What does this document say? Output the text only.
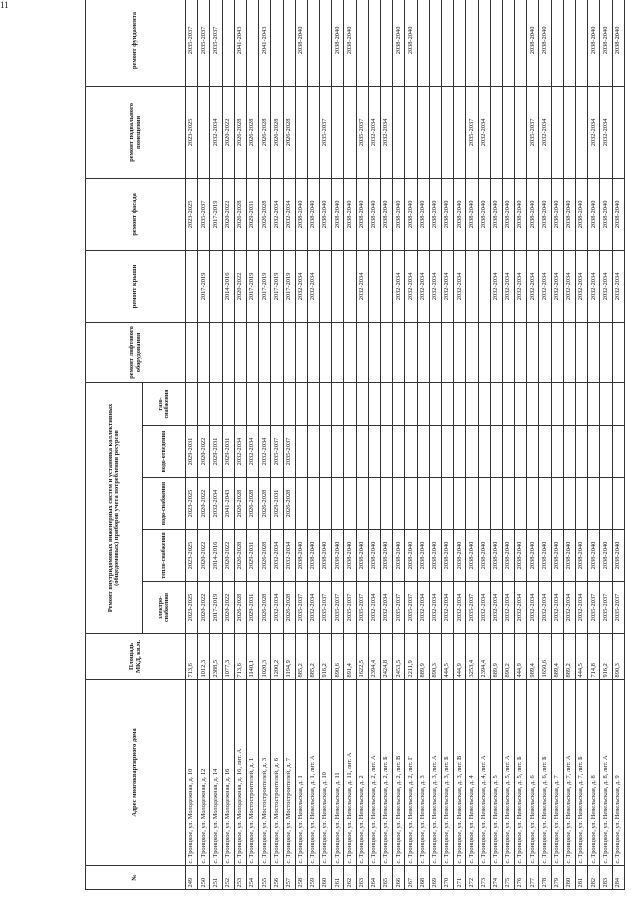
11
№	Адрес многоквартирного дома	Площадь МКД, кв.м.	Ремонт внутридомовых инженерных систем и установка коллективных (общедомовых) приборов учета потребления ресурсов					ремонт лифтового оборудования	ремонт крыши	ремонт фасада	ремонт подвального помещения	ремонт фундамента
			электро-снабжения	тепло-снабжения	водо-снабжения	водо-отведения	газо-снабжения					
249	с. Троицкое, ул. Молодежная, д. 10	713,6	2023-2025	2023-2025	2023-2025	2029-2031				2023-2025	2023-2025	2035-2037
250	с. Троицкое, ул. Молодежная, д. 12	1012,3	2020-2022	2020-2022	2020-2022	2020-2022			2017-2019	2035-2037		2035-2037
251	с. Троицкое, ул. Молодежная, д. 14	2388,5	2017-2019	2014-2016	2032-2034	2029-2031				2017-2019	2032-2034	2035-2037
252	с. Троицкое, ул. Молодежная, д. 16	1077,3	2020-2022	2020-2022	2041-2043	2029-2031			2014-2016	2020-2022	2020-2022	
253	с. Троицкое, ул. Молодежная, д. 16, лит. А	713,6	2026-2028	2026-2028	2026-2028	2032-2034			2020-2022	2026-2028	2026-2028	2041-2043
254	с. Троицкое, ул. Мостостроителей, д. 1	1140,1	2029-2031	2029-2031	2026-2028	2032-2034			2017-2019	2029-2031	2026-2028	
255	с. Троицкое, ул. Мостостроителей, д. 3	1020,3	2026-2028	2026-2028	2026-2028	2032-2034			2017-2019	2026-2028	2026-2028	2041-2043
256	с. Троицкое, ул. Мостостроителей, д. 6	1200,2	2032-2034	2032-2034	2029-2031	2035-2037			2017-2019	2032-2034	2026-2028	
257	с. Троицкое, ул. Мостостроителей, д. 7	1194,9	2026-2028	2032-2034	2026-2028	2035-2037			2017-2019	2032-2034	2026-2028	
258	с. Троицкое, ул. Невельская, д. 1	885,2	2035-2037	2038-2040					2032-2034	2038-2040		2038-2040
259	с. Троицкое, ул. Невельская, д. 1, лит. А	885,2	2032-2034	2038-2040					2032-2034	2038-2040		
260	с. Троицкое, ул. Невельская, д. 10	916,2	2035-2037	2038-2040						2038-2040	2035-2037	
261	с. Троицкое, ул. Невельская, д. 11	890,6	2035-2037	2038-2040						2038-2040		2038-2040
262	с. Троицкое, ул. Невельская, д. 11, лит. А	891,4	2035-2037	2038-2040						2038-2040		2038-2040
263	с. Троицкое, ул. Невельская, д. 2	1622,5	2035-2037	2038-2040					2032-2034	2038-2040	2035-2037	
264	с. Троицкое, ул. Невельская, д. 2, лит. А	2394,4	2032-2034	2038-2040						2038-2040	2032-2034	
265	с. Троицкое, ул. Невельская, д. 2, лит. Б	2424,8	2032-2034	2038-2040						2038-2040	2032-2034	
266	с. Троицкое, ул. Невельская, д. 2, лит. В	2453,5	2035-2037	2038-2040					2032-2034	2038-2040		2038-2040
267	с. Троицкое, ул. Невельская, д. 2, лит. Г	2211,9	2035-2037	2038-2040					2032-2034	2038-2040		2038-2040
268	с. Троицкое, ул. Невельская, д. 3	889,9	2032-2034	2038-2040					2032-2034	2038-2040		
269	с. Троицкое, ул. Невельская, д. 3, лит. А	890,3	2032-2034	2038-2040					2032-2034	2038-2040		
270	с. Троицкое, ул. Невельская, д. 3, лит. Б	444,5	2032-2034	2038-2040					2032-2034	2038-2040		
271	с. Троицкое, ул. Невельская, д. 3, лит. В	444,9	2032-2034	2038-2040					2032-2034	2038-2040		
272	с. Троицкое, ул. Невельская, д. 4	3253,4	2035-2037	2038-2040						2038-2040	2035-2037	
273	с. Троицкое, ул. Невельская, д. 4, лит. А	2394,4	2032-2034	2038-2040						2038-2040	2032-2034	
274	с. Троицкое, ул. Невельская, д. 5	889,9	2032-2034	2038-2040					2032-2034	2038-2040		
275	с. Троицкое, ул. Невельская, д. 5, лит. А	890,2	2032-2034	2038-2040					2032-2034	2038-2040		
276	с. Троицкое, ул. Невельская, д. 5, лит. Б	444,9	2032-2034	2038-2040					2032-2034	2038-2040		
277	с. Троицкое, ул. Невельская, д. 6	989,4	2032-2034	2038-2040					2032-2034	2038-2040	2035-2037	2038-2040
278	с. Троицкое, ул. Невельская, д. 6, лит. Б	1650,6	2032-2034	2038-2040					2032-2034	2038-2040	2032-2034	2038-2040
279	с. Троицкое, ул. Невельская, д. 7	889,4	2032-2034	2038-2040					2032-2034	2038-2040		
280	с. Троицкое, ул. Невельская, д. 7, лит. А	889,2	2032-2034	2038-2040					2032-2034	2038-2040		
281	с. Троицкое, ул. Невельская, д. 7, лит. Б	444,5	2032-2034	2038-2040					2032-2034	2038-2040		
282	с. Троицкое, ул. Невельская, д. 8	714,8	2035-2037	2038-2040					2032-2034	2038-2040	2032-2034	2038-2040
283	с. Троицкое, ул. Невельская, д. 8, лит. А	916,2	2035-2037	2038-2040					2032-2034	2038-2040	2032-2034	2038-2040
284	с. Троицкое, ул. Невельская, д. 9	890,3	2035-2037	2038-2040					2032-2034	2038-2040		2038-2040
